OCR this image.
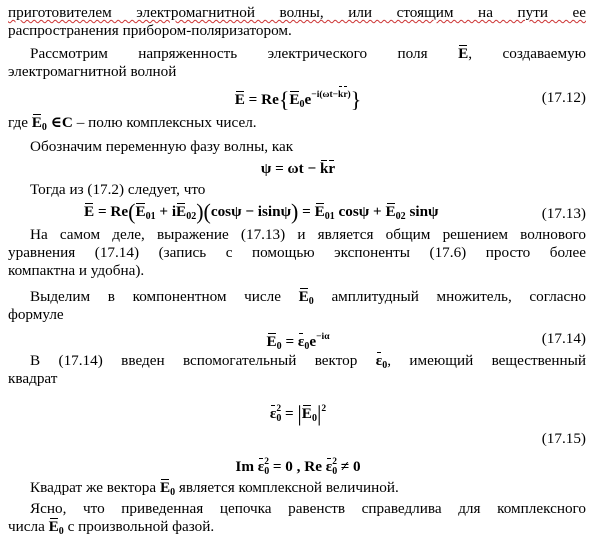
приготовителем электромагнитной волны, или стоящим на пути ее
распространения прибором-поляризатором.
Рассмотрим напряженность электрического поля E, создаваемую
электромагнитной волной
$E = Re\{E_0e^{-i(\omega t-kr)}\}$	(17.12)
где $E_0$ ∈C – полю комплексных чисел.
Обозначим переменную фазу волны, как
ψ = ωt − kr
Тогда из (17.2) следует, что
$E = Re(E_{01} + iE_{02})(\cos\psi - isin\psi) = E_{01}$ $\cos\psi + E_{02}$ sinψ	(17.13)
На самом деле, выражение (17.13) и является общим решением волнового
уравнения (17.14) (запись с помощью экспоненты (17.6) просто более
компактна и удобна).
Выделим в компонентном числе $E_0$ амплитудный множитель, согласно
формуле
$E_0 = \varepsilon_0e^{-i\alpha}$	(17.14)
В (17.14) введен вспомогательный вектор $\varepsilon_0$, имеющий вещественный
квадрат
$\varepsilon_0^2 = |E_0|^2$
(17.15)
Im $\varepsilon_0^2 = 0$ , Re $\varepsilon_0^2 \ne 0$
Квадрат же вектора $E_0$ является комплексной величиной.
Ясно, что приведенная цепочка равенств справедлива для комплексного
числа $E_0$ с произвольной фазой.
